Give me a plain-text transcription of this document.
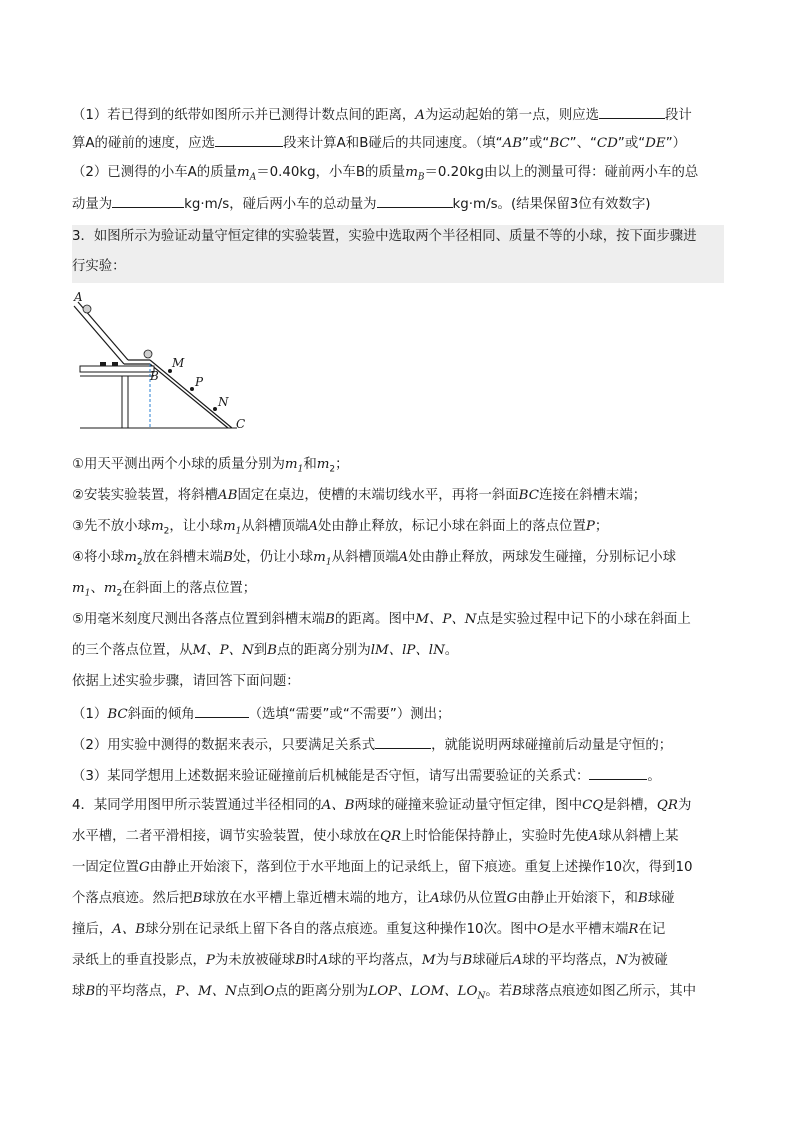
（1）若已得到的纸带如图所示并已测得计数点间的距离，A为运动起始的第一点，则应选	段计
算A的碰前的速度，应选	段来计算A和B碰后的共同速度。（填“AB”或“BC”、“CD”或“DE”）
（2）已测得的小车A的质量$m_A=0.40kg$，小车B的质量$m_B=0.20kg$由以上的测量可得：碰前两小车的总
动量为	kg·m/s，碰后两小车的总动量为	kg·m/s。(结果保留3位有效数字)
3．如图所示为验证动量守恒定律的实验装置，实验中选取两个半径相同、质量不等的小球，按下面步骤进
行实验：
A
B
M
P
N
C
①用天平测出两个小球的质量分别为$m_1$和$m_2$；
②安装实验装置，将斜槽AB固定在桌边，使槽的末端切线水平，再将一斜面BC连接在斜槽末端；
③先不放小球$m_2$，让小球$m_1$从斜槽顶端A处由静止释放，标记小球在斜面上的落点位置P；
④将小球$m_2$放在斜槽末端B处，仍让小球$m_1$从斜槽顶端A处由静止释放，两球发生碰撞，分别标记小球
$m_1$、$m_2$在斜面上的落点位置；
⑤用毫米刻度尺测出各落点位置到斜槽末端B的距离。图中M、P、N点是实验过程中记下的小球在斜面上
的三个落点位置，从M、P、N到B点的距离分别为lM、lP、lN。
依据上述实验步骤，请回答下面问题：
（1）BC斜面的倾角	（选填“需要”或“不需要”）测出；
（2）用实验中测得的数据来表示，只要满足关系式	，就能说明两球碰撞前后动量是守恒的；
（3）某同学想用上述数据来验证碰撞前后机械能是否守恒，请写出需要验证的关系式：	。
4．某同学用图甲所示装置通过半径相同的A、B两球的碰撞来验证动量守恒定律，图中CQ是斜槽，QR为
水平槽，二者平滑相接，调节实验装置，使小球放在QR上时恰能保持静止，实验时先使A球从斜槽上某
一固定位置G由静止开始滚下，落到位于水平地面上的记录纸上，留下痕迹。重复上述操作10次，得到10
个落点痕迹。然后把B球放在水平槽上靠近槽末端的地方，让A球仍从位置G由静止开始滚下，和B球碰
撞后，A、B球分别在记录纸上留下各自的落点痕迹。重复这种操作10次。图中O是水平槽末端R在记
录纸上的垂直投影点，P为未放被碰球B时A球的平均落点，M为与B球碰后A球的平均落点，N为被碰
球B的平均落点，P、M、N点到O点的距离分别为LOP、LOM、$LO_N$。若B球落点痕迹如图乙所示，其中
